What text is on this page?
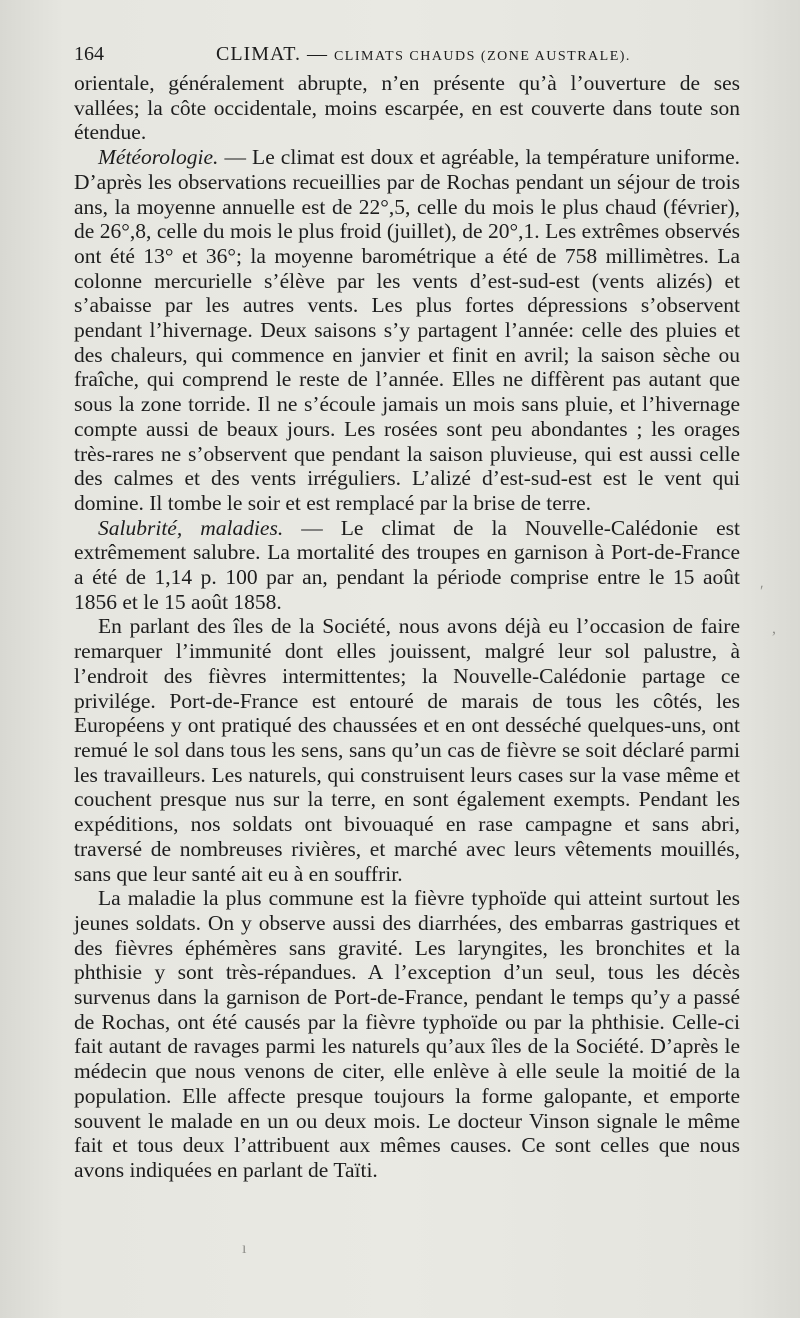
164	CLIMAT. — CLIMATS CHAUDS (ZONE AUSTRALE).

orientale, généralement abrupte, n’en présente qu’à l’ouverture de ses vallées; la côte occidentale, moins escarpée, en est couverte dans toute son étendue.

Météorologie. — Le climat est doux et agréable, la température uniforme. D’après les observations recueillies par de Rochas pendant un séjour de trois ans, la moyenne annuelle est de 22°,5, celle du mois le plus chaud (février), de 26°,8, celle du mois le plus froid (juillet), de 20°,1. Les extrêmes observés ont été 13° et 36°; la moyenne barométrique a été de 758 millimètres. La colonne mercurielle s’élève par les vents d’est-sud-est (vents alizés) et s’abaisse par les autres vents. Les plus fortes dépressions s’observent pendant l’hivernage. Deux saisons s’y partagent l’année: celle des pluies et des chaleurs, qui commence en janvier et finit en avril; la saison sèche ou fraîche, qui comprend le reste de l’année. Elles ne diffèrent pas autant que sous la zone torride. Il ne s’écoule jamais un mois sans pluie, et l’hivernage compte aussi de beaux jours. Les rosées sont peu abondantes ; les orages très-rares ne s’observent que pendant la saison pluvieuse, qui est aussi celle des calmes et des vents irréguliers. L’alizé d’est-sud-est est le vent qui domine. Il tombe le soir et est remplacé par la brise de terre.

Salubrité, maladies. — Le climat de la Nouvelle-Calédonie est extrêmement salubre. La mortalité des troupes en garnison à Port-de-France a été de 1,14 p. 100 par an, pendant la période comprise entre le 15 août 1856 et le 15 août 1858.

En parlant des îles de la Société, nous avons déjà eu l’occasion de faire remarquer l’immunité dont elles jouissent, malgré leur sol palustre, à l’endroit des fièvres intermittentes; la Nouvelle-Calédonie partage ce privilége. Port-de-France est entouré de marais de tous les côtés, les Européens y ont pratiqué des chaussées et en ont desséché quelques-uns, ont remué le sol dans tous les sens, sans qu’un cas de fièvre se soit déclaré parmi les travailleurs. Les naturels, qui construisent leurs cases sur la vase même et couchent presque nus sur la terre, en sont également exempts. Pendant les expéditions, nos soldats ont bivouaqué en rase campagne et sans abri, traversé de nombreuses rivières, et marché avec leurs vêtements mouillés, sans que leur santé ait eu à en souffrir.

La maladie la plus commune est la fièvre typhoïde qui atteint surtout les jeunes soldats. On y observe aussi des diarrhées, des embarras gastriques et des fièvres éphémères sans gravité. Les laryngites, les bronchites et la phthisie y sont très-répandues. A l’exception d’un seul, tous les décès survenus dans la garnison de Port-de-France, pendant le temps qu’y a passé de Rochas, ont été causés par la fièvre typhoïde ou par la phthisie. Celle-ci fait autant de ravages parmi les naturels qu’aux îles de la Société. D’après le médecin que nous venons de citer, elle enlève à elle seule la moitié de la population. Elle affecte presque toujours la forme galopante, et emporte souvent le malade en un ou deux mois. Le docteur Vinson signale le même fait et tous deux l’attribuent aux mêmes causes. Ce sont celles que nous avons indiquées en parlant de Taïti.

ʹ
,
ı
